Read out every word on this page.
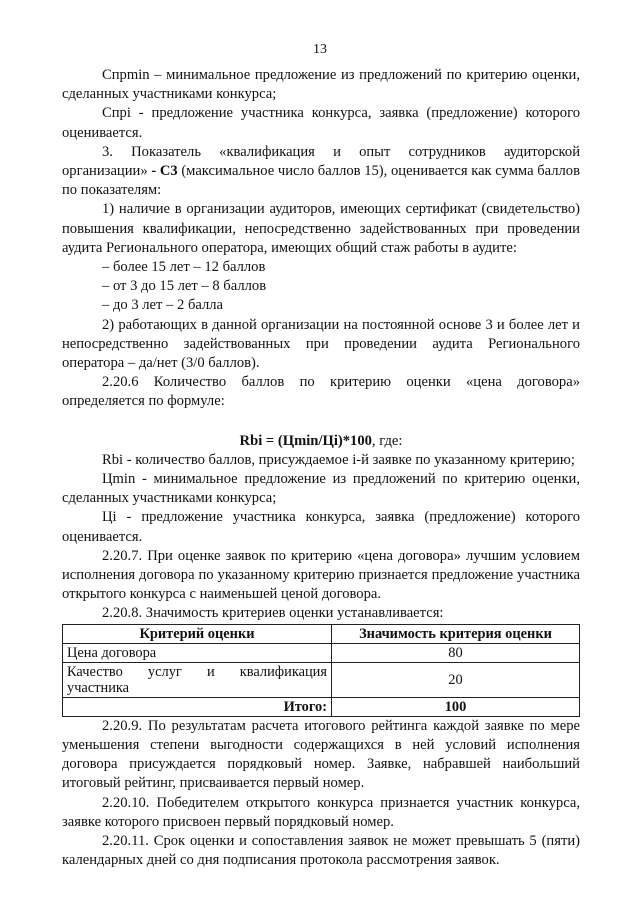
13

Cпрmin – минимальное предложение из предложений по критерию оценки, сделанных участниками конкурса;

Cпрi - предложение участника конкурса, заявка (предложение) которого оценивается.

3. Показатель «квалификация и опыт сотрудников аудиторской организации» - С3 (максимальное число баллов 15), оценивается как сумма баллов по показателям:

1) наличие в организации аудиторов, имеющих сертификат (свидетельство) повышения квалификации, непосредственно задействованных при проведении аудита Регионального оператора, имеющих общий стаж работы в аудите:

– более 15 лет – 12 баллов

– от 3 до 15 лет – 8 баллов

– до 3 лет – 2 балла

2) работающих в данной организации на постоянной основе 3 и более лет и непосредственно задействованных при проведении аудита Регионального оператора – да/нет (3/0 баллов).

2.20.6 Количество баллов по критерию оценки «цена договора» определяется по формуле:

Rbi = (Цmin/Цi)*100, где:

Rbi - количество баллов, присуждаемое i-й заявке по указанному критерию;

Цmin - минимальное предложение из предложений по критерию оценки, сделанных участниками конкурса;

Цi - предложение участника конкурса, заявка (предложение) которого оценивается.

2.20.7. При оценке заявок по критерию «цена договора» лучшим условием исполнения договора по указанному критерию признается предложение участника открытого конкурса с наименьшей ценой договора.

2.20.8. Значимость критериев оценки устанавливается:

Критерий оценки	Значимость критерия оценки
Цена договора	80

Качество услуг и квалификация
участника	20
Итого:	100

2.20.9. По результатам расчета итогового рейтинга каждой заявке по мере уменьшения степени выгодности содержащихся в ней условий исполнения договора присуждается порядковый номер. Заявке, набравшей наибольший итоговый рейтинг, присваивается первый номер.

2.20.10. Победителем открытого конкурса признается участник конкурса, заявке которого присвоен первый порядковый номер.

2.20.11. Срок оценки и сопоставления заявок не может превышать 5 (пяти) календарных дней со дня подписания протокола рассмотрения заявок.
